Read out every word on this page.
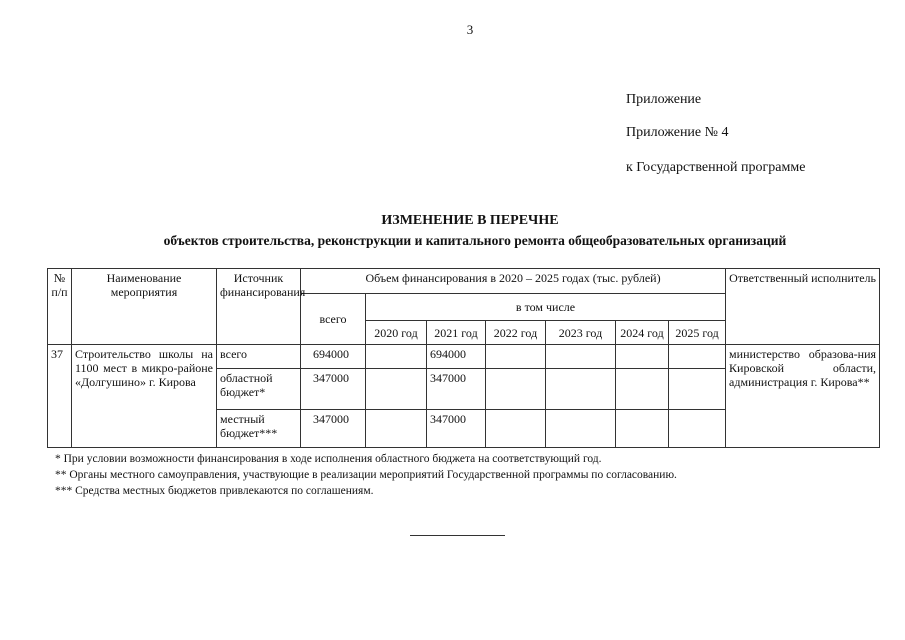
3
Приложение
Приложение № 4
к Государственной программе
ИЗМЕНЕНИЕ В ПЕРЕЧНЕ
объектов строительства, реконструкции и капитального ремонта общеобразовательных организаций
№ п/п	Наименование мероприятия	Источник финансирования	Объем финансирования в 2020 – 2025 годах (тыс. рублей)							Ответственный исполнитель
			всего	в том числе						
				2020 год	2021 год	2022 год	2023 год	2024 год	2025 год	
37	Строительство школы на 1100 мест в микро-районе «Долгушино» г. Кирова	всего	694000		694000					министерство образова-ния Кировской области, администрация г. Кирова**
		областной бюджет*	347000		347000					
		местный бюджет***	347000		347000					
* При условии возможности финансирования в ходе исполнения областного бюджета на соответствующий год.
** Органы местного самоуправления, участвующие в реализации мероприятий Государственной программы по согласованию.
*** Средства местных бюджетов привлекаются по соглашениям.
